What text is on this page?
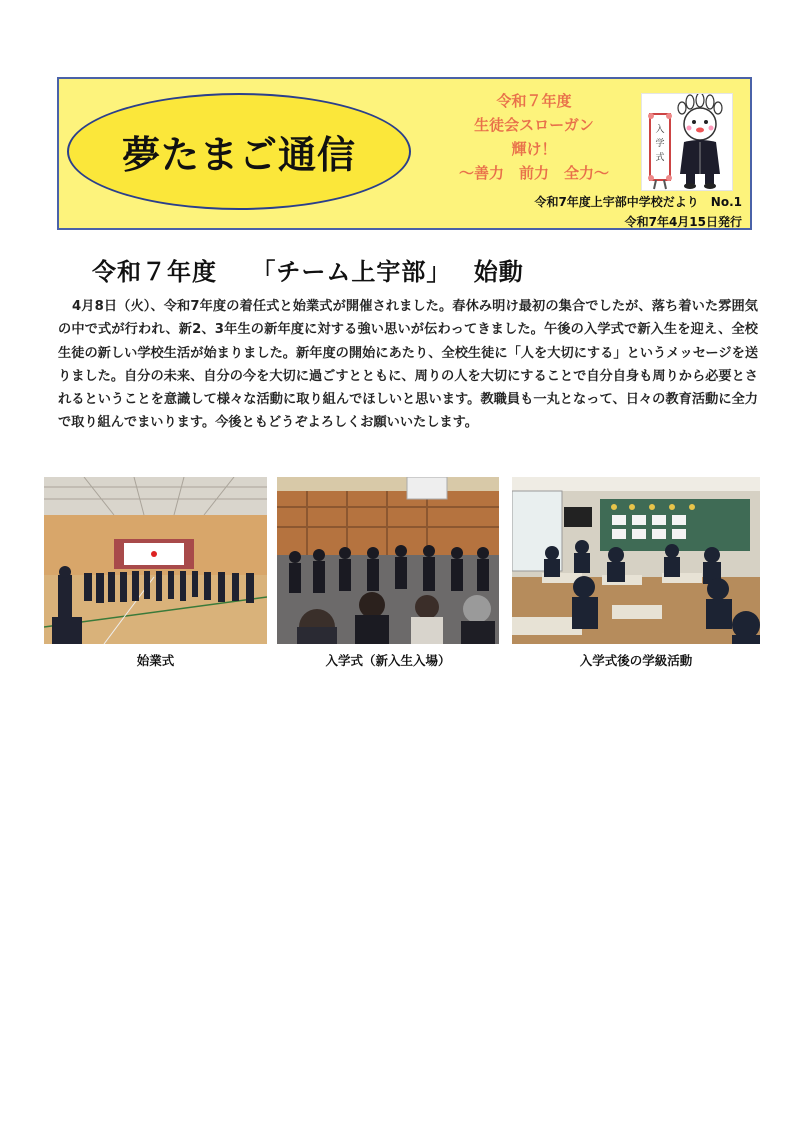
夢たまご通信
令和７年度
生徒会スローガン
輝け！
〜善力　前力　全力〜
入
学
式
令和7年度上宇部中学校だより　No.1
令和7年4月15日発行
令和７年度　 「チーム上宇部」　 始動
4月8日（火）、令和7年度の着任式と始業式が開催されました。春休み明け最初の集合でしたが、落ち着いた雰囲気の中で式が行われ、新2、3年生の新年度に対する強い思いが伝わってきました。午後の入学式で新入生を迎え、全校生徒の新しい学校生活が始まりました。新年度の開始にあたり、全校生徒に「人を大切にする」というメッセージを送りました。自分の未来、自分の今を大切に過ごすとともに、周りの人を大切にすることで自分自身も周りから必要とされるということを意識して様々な活動に取り組んでほしいと思います。教職員も一丸となって、日々の教育活動に全力で取り組んでまいります。今後ともどうぞよろしくお願いいたします。
始業式	入学式（新入生入場）	入学式後の学級活動
